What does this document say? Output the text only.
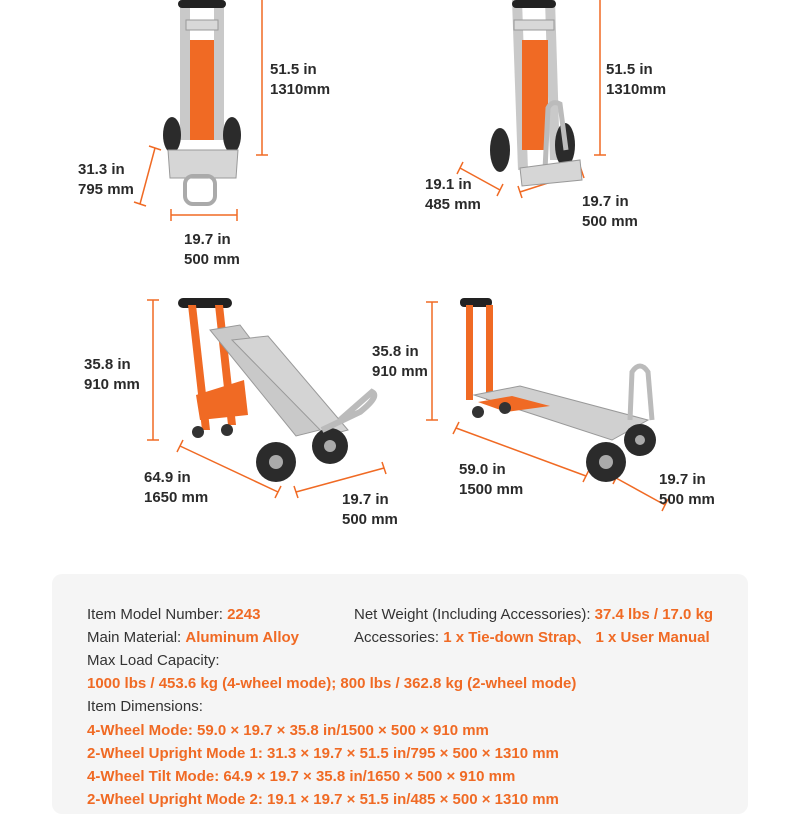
51.5 in
1310mm
51.5 in
1310mm
31.3 in
795 mm
19.7 in
500 mm
19.1 in
485 mm	19.7 in
500 mm
35.8 in
910 mm
35.8 in
910 mm
64.9 in
1650 mm	19.7 in
500 mm
59.0 in
1500 mm
19.7 in
500 mm
Item Model Number: 2243	Net Weight (Including Accessories): 37.4 lbs / 17.0 kg
Main Material: Aluminum Alloy	Accessories: 1 x Tie-down Strap、 1 x User Manual
Max Load Capacity:
1000 lbs / 453.6 kg (4-wheel mode); 800 lbs / 362.8 kg (2-wheel mode)
Item Dimensions:
4-Wheel Mode: 59.0 × 19.7 × 35.8 in/1500 × 500 × 910 mm
2-Wheel Upright Mode 1: 31.3 × 19.7 × 51.5 in/795 × 500 × 1310 mm
4-Wheel Tilt Mode: 64.9 × 19.7 × 35.8 in/1650 × 500 × 910 mm
2-Wheel Upright Mode 2: 19.1 × 19.7 × 51.5 in/485 × 500 × 1310 mm
